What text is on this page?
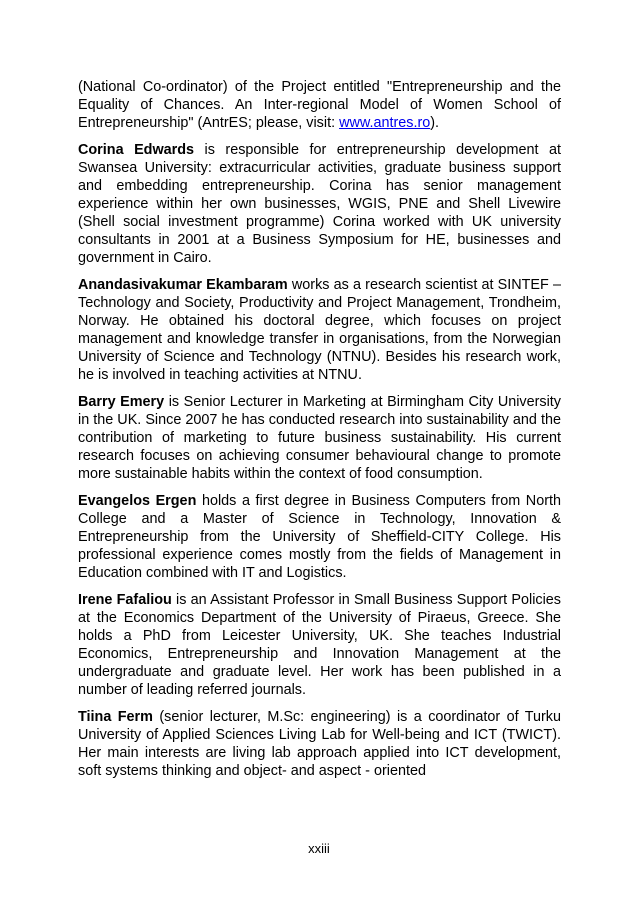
(National Co-ordinator) of the Project entitled "Entrepreneurship and the Equality of Chances. An Inter-regional Model of Women School of Entrepreneurship" (AntrES; please, visit: www.antres.ro).

Corina Edwards is responsible for entrepreneurship development at Swansea University: extracurricular activities, graduate business support and embedding entrepreneurship. Corina has senior management experience within her own businesses, WGIS, PNE and Shell Livewire (Shell social investment programme) Corina worked with UK university consultants in 2001 at a Business Symposium for HE, businesses and government in Cairo.

Anandasivakumar Ekambaram works as a research scientist at SINTEF – Technology and Society, Productivity and Project Management, Trondheim, Norway. He obtained his doctoral degree, which focuses on project management and knowledge transfer in organisations, from the Norwegian University of Science and Technology (NTNU). Besides his research work, he is involved in teaching activities at NTNU.

Barry Emery is Senior Lecturer in Marketing at Birmingham City University in the UK. Since 2007 he has conducted research into sustainability and the contribution of marketing to future business sustainability. His current research focuses on achieving consumer behavioural change to promote more sustainable habits within the context of food consumption.

Evangelos Ergen holds a first degree in Business Computers from North College and a Master of Science in Technology, Innovation & Entrepreneurship from the University of Sheffield-CITY College. His professional experience comes mostly from the fields of Management in Education combined with IT and Logistics.

Irene Fafaliou is an Assistant Professor in Small Business Support Policies at the Economics Department of the University of Piraeus, Greece. She holds a PhD from Leicester University, UK. She teaches Industrial Economics, Entrepreneurship and Innovation Management at the undergraduate and graduate level. Her work has been published in a number of leading referred journals.

Tiina Ferm (senior lecturer, M.Sc: engineering) is a coordinator of Turku University of Applied Sciences Living Lab for Well-being and ICT (TWICT). Her main interests are living lab approach applied into ICT development, soft systems thinking and object- and aspect - oriented

xxiii
